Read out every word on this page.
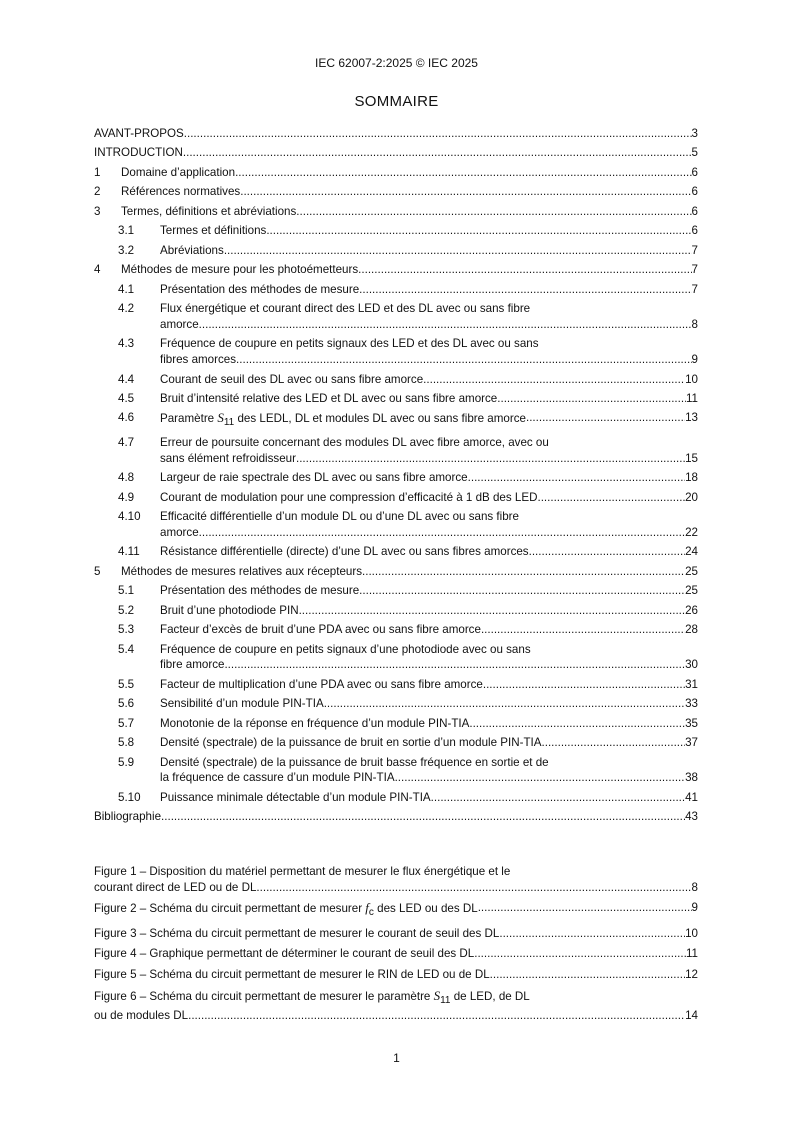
IEC 62007-2:2025 © IEC 2025
SOMMAIRE
AVANT-PROPOS .....	3
INTRODUCTION .....	5
1	Domaine d’application .....	6
2	Références normatives .....	6
3	Termes, définitions et abréviations .....	6
3.1	Termes et définitions .....	6
3.2	Abréviations .....	7
4	Méthodes de mesure pour les photoémetteurs .....	7
4.1	Présentation des méthodes de mesure .....	7
4.2	Flux énergétique et courant direct des LED et des DL avec ou sans fibre
amorce .....	8
4.3	Fréquence de coupure en petits signaux des LED et des DL avec ou sans
fibres amorces .....	9
4.4	Courant de seuil des DL avec ou sans fibre amorce .....	10
4.5	Bruit d’intensité relative des LED et DL avec ou sans fibre amorce .....	11
4.6	Paramètre S11 des LEDL, DL et modules DL avec ou sans fibre amorce .....	13
4.7	Erreur de poursuite concernant des modules DL avec fibre amorce, avec ou
sans élément refroidisseur .....	15
4.8	Largeur de raie spectrale des DL avec ou sans fibre amorce .....	18
4.9	Courant de modulation pour une compression d’efficacité à 1 dB des LED .....	20
4.10	Efficacité différentielle d’un module DL ou d’une DL avec ou sans fibre
amorce .....	22
4.11	Résistance différentielle (directe) d’une DL avec ou sans fibres amorces .....	24
5	Méthodes de mesures relatives aux récepteurs .....	25
5.1	Présentation des méthodes de mesure .....	25
5.2	Bruit d’une photodiode PIN .....	26
5.3	Facteur d’excès de bruit d’une PDA avec ou sans fibre amorce .....	28
5.4	Fréquence de coupure en petits signaux d’une photodiode avec ou sans
fibre amorce .....	30
5.5	Facteur de multiplication d’une PDA avec ou sans fibre amorce .....	31
5.6	Sensibilité d’un module PIN-TIA .....	33
5.7	Monotonie de la réponse en fréquence d’un module PIN-TIA .....	35
5.8	Densité (spectrale) de la puissance de bruit en sortie d’un module PIN-TIA .....	37
5.9	Densité (spectrale) de la puissance de bruit basse fréquence en sortie et de
la fréquence de cassure d’un module PIN-TIA .....	38
5.10	Puissance minimale détectable d’un module PIN-TIA .....	41
Bibliographie .....	43
Figure 1 – Disposition du matériel permettant de mesurer le flux énergétique et le
courant direct de LED ou de DL .....	8
Figure 2 – Schéma du circuit permettant de mesurer fc des LED ou des DL .....	9
Figure 3 – Schéma du circuit permettant de mesurer le courant de seuil des DL .....	10
Figure 4 – Graphique permettant de déterminer le courant de seuil des DL .....	11
Figure 5 – Schéma du circuit permettant de mesurer le RIN de LED ou de DL .....	12
Figure 6 – Schéma du circuit permettant de mesurer le paramètre S11 de LED, de DL
ou de modules DL .....	14
1
